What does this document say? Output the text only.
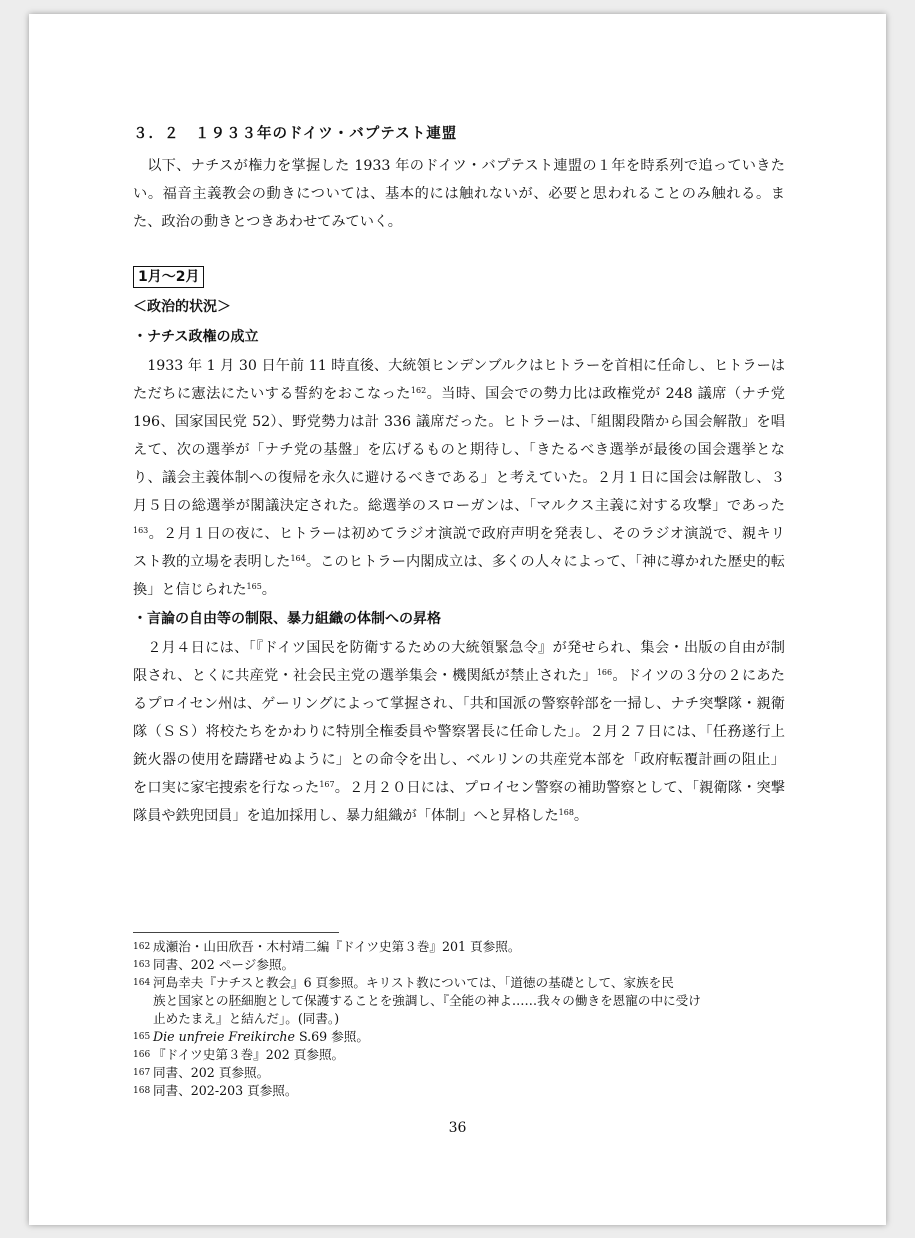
３．２　１９３３年のドイツ・バプテスト連盟

以下、ナチスが権力を掌握した 1933 年のドイツ・バプテスト連盟の１年を時系列で追っていきたい。福音主義教会の動きについては、基本的には触れないが、必要と思われることのみ触れる。また、政治の動きとつきあわせてみていく。

1月～2月

＜政治的状況＞

・ナチス政権の成立

1933 年 1 月 30 日午前 11 時直後、大統領ヒンデンブルクはヒトラーを首相に任命し、ヒトラーはただちに憲法にたいする誓約をおこなった$^{162}$。当時、国会での勢力比は政権党が 248 議席（ナチ党 196、国家国民党 52）、野党勢力は計 336 議席だった。ヒトラーは、「組閣段階から国会解散」を唱えて、次の選挙が「ナチ党の基盤」を広げるものと期待し、「きたるべき選挙が最後の国会選挙となり、議会主義体制への復帰を永久に避けるべきである」と考えていた。２月１日に国会は解散し、３月５日の総選挙が閣議決定された。総選挙のスローガンは、「マルクス主義に対する攻撃」であった$^{163}$。２月１日の夜に、ヒトラーは初めてラジオ演説で政府声明を発表し、そのラジオ演説で、親キリスト教的立場を表明した$^{164}$。このヒトラー内閣成立は、多くの人々によって、「神に導かれた歴史的転換」と信じられた$^{165}$。

・言論の自由等の制限、暴力組織の体制への昇格

２月４日には、「『ドイツ国民を防衛するための大統領緊急令』が発せられ、集会・出版の自由が制限され、とくに共産党・社会民主党の選挙集会・機関紙が禁止された」$^{166}$。ドイツの３分の２にあたるプロイセン州は、ゲーリングによって掌握され、「共和国派の警察幹部を一掃し、ナチ突撃隊・親衛隊（ＳＳ）将校たちをかわりに特別全権委員や警察署長に任命した」。２月２７日には、「任務遂行上銃火器の使用を躊躇せぬように」との命令を出し、ベルリンの共産党本部を「政府転覆計画の阻止」を口実に家宅捜索を行なった$^{167}$。２月２０日には、プロイセン警察の補助警察として、「親衛隊・突撃隊員や鉄兜団員」を追加採用し、暴力組織が「体制」へと昇格した$^{168}$。

162 成瀬治・山田欣吾・木村靖二編『ドイツ史第３巻』201 頁参照。

163 同書、202 ページ参照。

164 河島幸夫『ナチスと教会』6 頁参照。キリスト教については、「道徳の基礎として、家族を民

族と国家との胚細胞として保護することを強調し、『全能の神よ……我々の働きを恩寵の中に受け

止めたまえ』と結んだ」。(同書。)

165 Die unfreie Freikirche S.69 参照。

166 『ドイツ史第３巻』202 頁参照。

167 同書、202 頁参照。

168 同書、202-203 頁参照。

36
